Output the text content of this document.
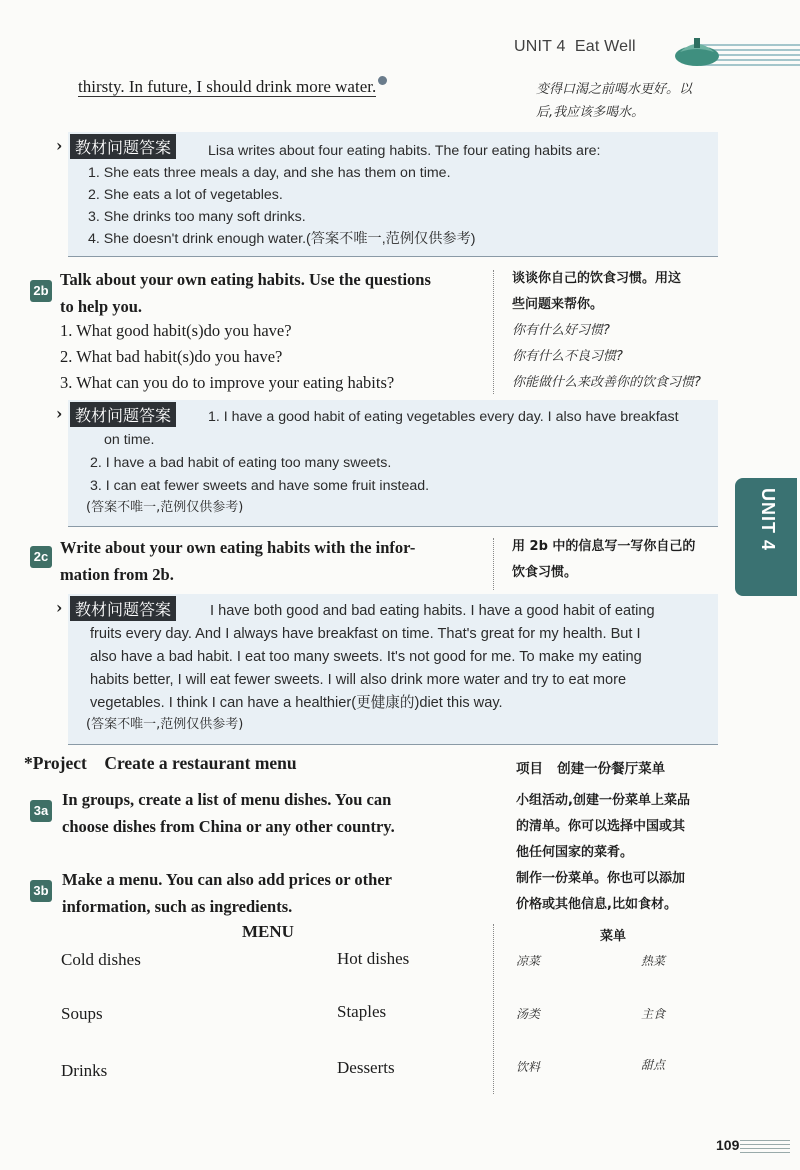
UNIT 4 Eat Well
thirsty. In future, I should drink more water.	变得口渴之前喝水更好。以
后,我应该多喝水。
› 教材问题答案	Lisa writes about four eating habits. The four eating habits are:
1. She eats three meals a day, and she has them on time.
2. She eats a lot of vegetables.
3. She drinks too many soft drinks.
4. She doesn't drink enough water.(答案不唯一,范例仅供参考)
2b
Talk about your own eating habits. Use the questions
to help you.
1. What good habit(s)do you have?
2. What bad habit(s)do you have?
3. What can you do to improve your eating habits?
谈谈你自己的饮食习惯。用这
些问题来帮你。
你有什么好习惯?
你有什么不良习惯?
你能做什么来改善你的饮食习惯?
› 教材问题答案	1. I have a good habit of eating vegetables every day. I also have breakfast
on time.
2. I have a bad habit of eating too many sweets.
3. I can eat fewer sweets and have some fruit instead.
(答案不唯一,范例仅供参考)
2c Write about your own eating habits with the infor-
mation from 2b.
用 2b 中的信息写一写你自己的
饮食习惯。
› 教材问题答案	I have both good and bad eating habits. I have a good habit of eating
fruits every day. And I always have breakfast on time. That's great for my health. But I
also have a bad habit. I eat too many sweets. It's not good for me. To make my eating
habits better, I will eat fewer sweets. I will also drink more water and try to eat more
vegetables. I think I can have a healthier(更健康的)diet this way.
(答案不唯一,范例仅供参考)
UNIT 4
*Project    Create a restaurant menu	项目   创建一份餐厅菜单
3a
In groups, create a list of menu dishes. You can
choose dishes from China or any other country.
小组活动,创建一份菜单上菜品
的清单。你可以选择中国或其
他任何国家的菜肴。
3b
Make a menu. You can also add prices or other
information, such as ingredients.
制作一份菜单。你也可以添加
价格或其他信息,比如食材。
MENU
Cold dishes	Hot dishes
Soups	Staples
Drinks	Desserts
菜单
凉菜	热菜
汤类	主食
饮料	甜点
109
